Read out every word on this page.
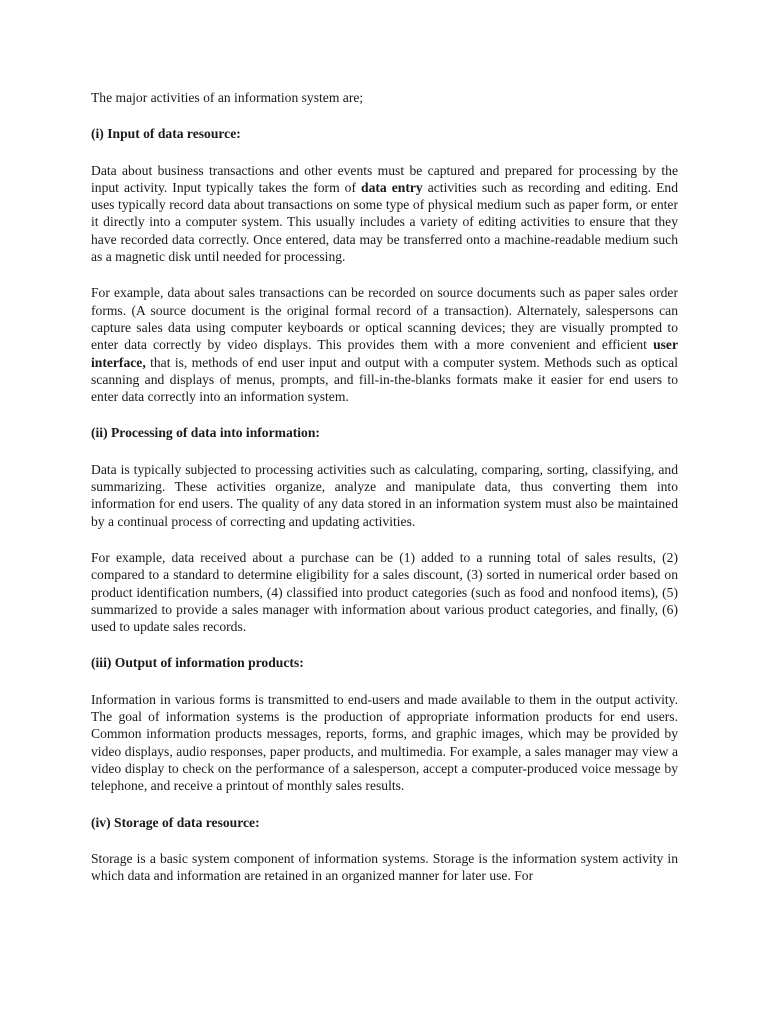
The major activities of an information system are;

(i) Input of data resource:

Data about business transactions and other events must be captured and prepared for processing by the input activity. Input typically takes the form of data entry activities such as recording and editing. End uses typically record data about transactions on some type of physical medium such as paper form, or enter it directly into a computer system. This usually includes a variety of editing activities to ensure that they have recorded data correctly. Once entered, data may be transferred onto a machine-readable medium such as a magnetic disk until needed for processing.

For example, data about sales transactions can be recorded on source documents such as paper sales order forms. (A source document is the original formal record of a transaction). Alternately, salespersons can capture sales data using computer keyboards or optical scanning devices; they are visually prompted to enter data correctly by video displays. This provides them with a more convenient and efficient user interface, that is, methods of end user input and output with a computer system. Methods such as optical scanning and displays of menus, prompts, and fill-in-the-blanks formats make it easier for end users to enter data correctly into an information system.

(ii) Processing of data into information:

Data is typically subjected to processing activities such as calculating, comparing, sorting, classifying, and summarizing. These activities organize, analyze and manipulate data, thus converting them into information for end users. The quality of any data stored in an information system must also be maintained by a continual process of correcting and updating activities.

For example, data received about a purchase can be (1) added to a running total of sales results, (2) compared to a standard to determine eligibility for a sales discount, (3) sorted in numerical order based on product identification numbers, (4) classified into product categories (such as food and nonfood items), (5) summarized to provide a sales manager with information about various product categories, and finally, (6) used to update sales records.

(iii) Output of information products:

Information in various forms is transmitted to end-users and made available to them in the output activity. The goal of information systems is the production of appropriate information products for end users. Common information products messages, reports, forms, and graphic images, which may be provided by video displays, audio responses, paper products, and multimedia. For example, a sales manager may view a video display to check on the performance of a salesperson, accept a computer-produced voice message by telephone, and receive a printout of monthly sales results.

(iv) Storage of data resource:

Storage is a basic system component of information systems. Storage is the information system activity in which data and information are retained in an organized manner for later use. For
